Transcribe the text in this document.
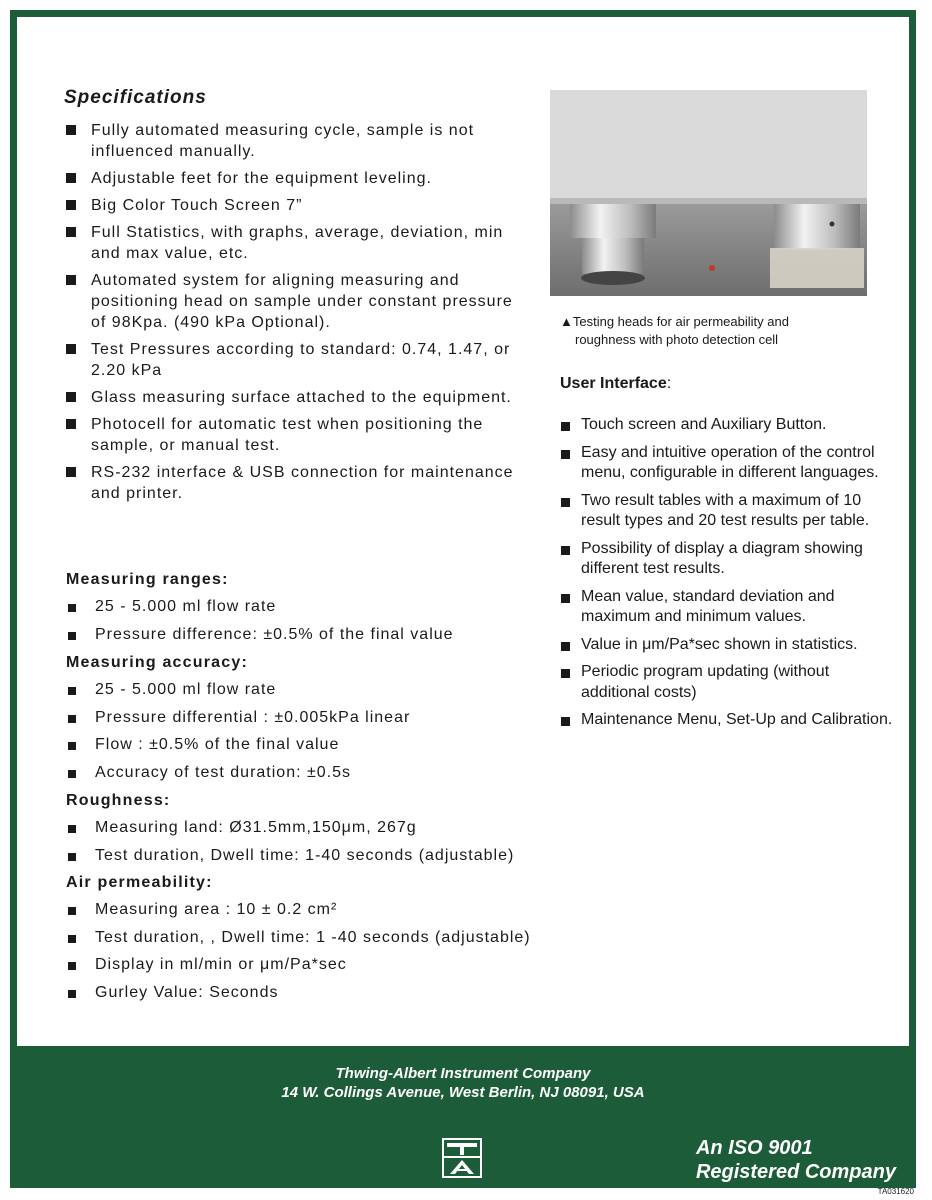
Specifications
Fully automated measuring cycle, sample is not influenced manually.
Adjustable feet for the equipment leveling.
Big Color Touch Screen 7”
Full Statistics, with graphs, average, deviation, min and max value, etc.
Automated system for aligning measuring and positioning head on sample under constant pressure of 98Kpa. (490 kPa Optional).
Test Pressures according to standard: 0.74, 1.47, or 2.20 kPa
Glass measuring surface attached to the equipment.
Photocell for automatic test when positioning the sample, or manual test.
RS-232 interface & USB connection for maintenance and printer.
Measuring ranges:
25 - 5.000 ml flow rate
Pressure difference: ±0.5% of the final value
Measuring accuracy:
25 - 5.000 ml flow rate
Pressure differential : ±0.005kPa linear
Flow : ±0.5% of the final value
Accuracy of test duration: ±0.5s
Roughness:
Measuring land: Ø31.5mm,150μm, 267g
Test duration, Dwell time: 1-40 seconds (adjustable)
Air permeability:
Measuring area : 10 ± 0.2 cm²
Test duration, , Dwell time: 1 -40 seconds (adjustable)
Display in ml/min or μm/Pa*sec
Gurley Value: Seconds
▲Testing heads for air permeability and
roughness with photo detection cell
User Interface:
Touch screen and Auxiliary Button.
Easy and intuitive operation of the control menu, configurable in different languages.
Two result tables with a maximum of 10 result types and 20 test results per table.
Possibility of display a diagram showing different test results.
Mean value, standard deviation and maximum and minimum values.
Value in μm/Pa*sec shown in statistics.
Periodic program updating (without additional costs)
Maintenance Menu, Set-Up and Calibration.
Thwing-Albert Instrument Company
14 W. Collings Avenue, West Berlin, NJ 08091, USA
An ISO 9001
Registered Company
TA031620
